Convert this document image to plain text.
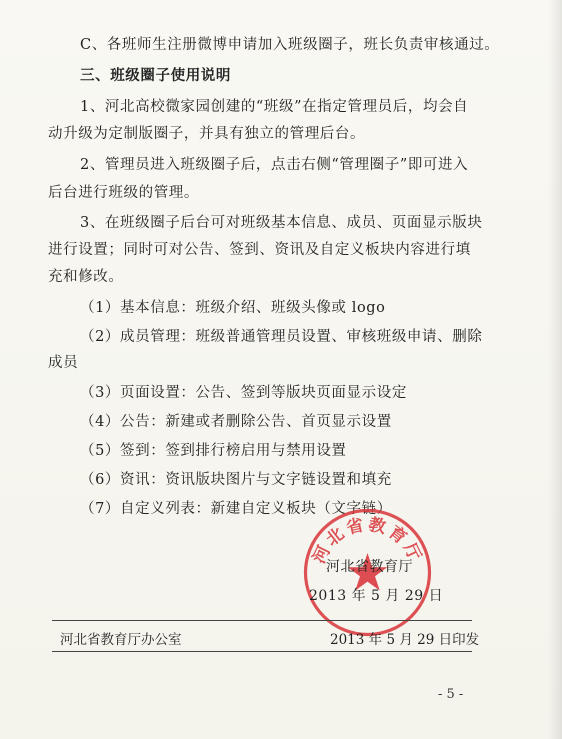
C、各班师生注册微博申请加入班级圈子，班长负责审核通过。
三、班级圈子使用说明
1、河北高校微家园创建的“班级”在指定管理员后，均会自
动升级为定制版圈子，并具有独立的管理后台。
2、管理员进入班级圈子后，点击右侧“管理圈子”即可进入
后台进行班级的管理。
3、在班级圈子后台可对班级基本信息、成员、页面显示版块
进行设置；同时可对公告、签到、资讯及自定义板块内容进行填
充和修改。
（1）基本信息：班级介绍、班级头像或 logo
（2）成员管理：班级普通管理员设置、审核班级申请、删除
成员
（3）页面设置：公告、签到等版块页面显示设定
（4）公告：新建或者删除公告、首页显示设置
（5）签到：签到排行榜启用与禁用设置
（6）资讯：资讯版块图片与文字链设置和填充
（7）自定义列表：新建自定义板块（文字链）
河北省教育厅
河北省教育厅
2013 年 5 月 29 日
河北省教育厅办公室	2013 年 5 月 29 日印发
- 5 -
